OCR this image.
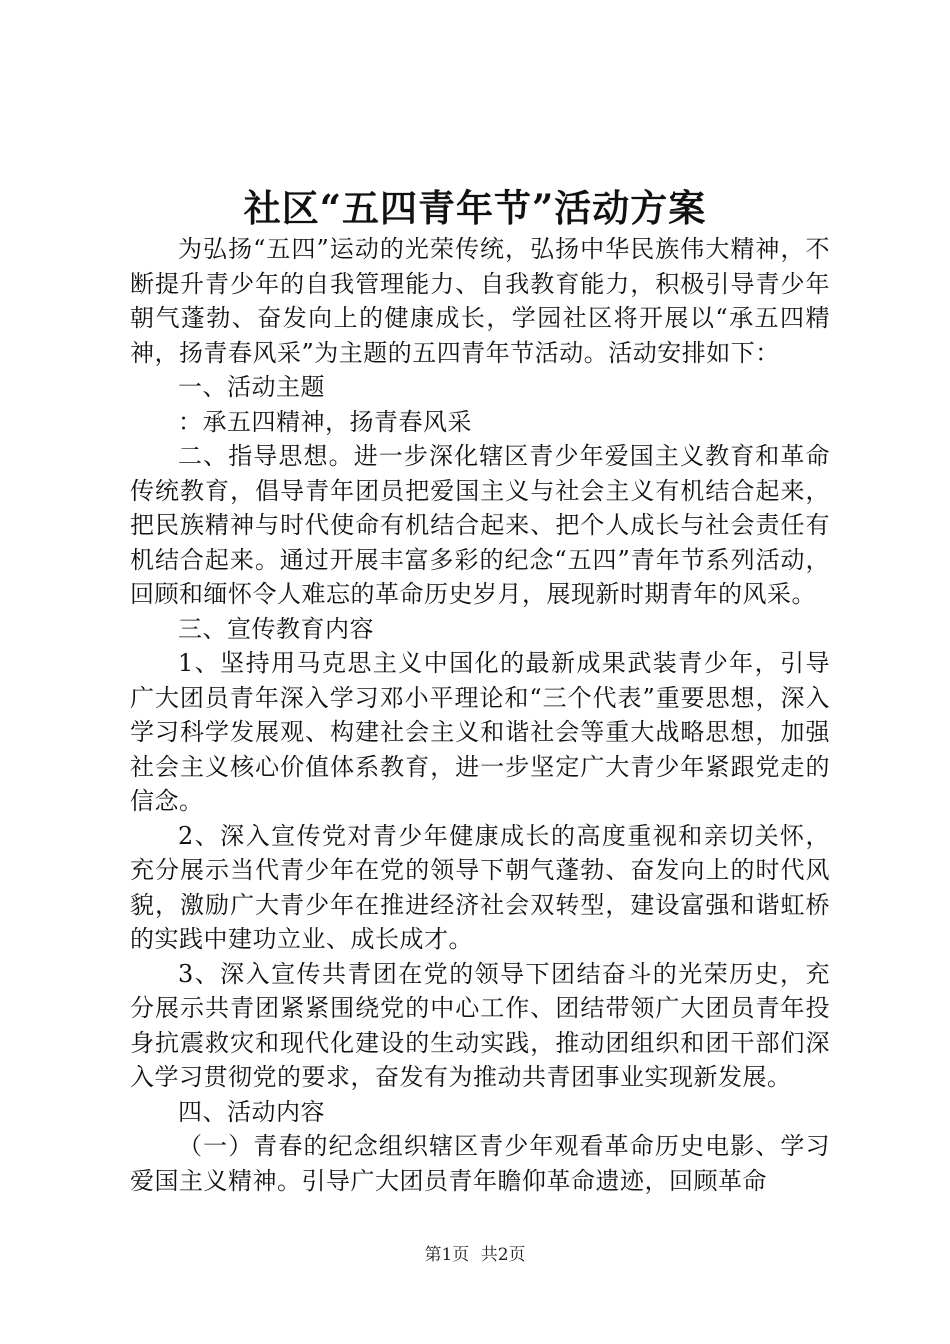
社区“五四青年节”活动方案

为弘扬“五四”运动的光荣传统，弘扬中华民族伟大精神，不断提升青少年的自我管理能力、自我教育能力，积极引导青少年朝气蓬勃、奋发向上的健康成长，学园社区将开展以“承五四精神，扬青春风采”为主题的五四青年节活动。活动安排如下：

一、活动主题

：承五四精神，扬青春风采

二、指导思想。进一步深化辖区青少年爱国主义教育和革命传统教育，倡导青年团员把爱国主义与社会主义有机结合起来，把民族精神与时代使命有机结合起来、把个人成长与社会责任有机结合起来。通过开展丰富多彩的纪念“五四”青年节系列活动，回顾和缅怀令人难忘的革命历史岁月，展现新时期青年的风采。

三、宣传教育内容

1、坚持用马克思主义中国化的最新成果武装青少年，引导广大团员青年深入学习邓小平理论和“三个代表”重要思想，深入学习科学发展观、构建社会主义和谐社会等重大战略思想，加强社会主义核心价值体系教育，进一步坚定广大青少年紧跟党走的信念。

2、深入宣传党对青少年健康成长的高度重视和亲切关怀，充分展示当代青少年在党的领导下朝气蓬勃、奋发向上的时代风貌，激励广大青少年在推进经济社会双转型，建设富强和谐虹桥的实践中建功立业、成长成才。

3、深入宣传共青团在党的领导下团结奋斗的光荣历史，充分展示共青团紧紧围绕党的中心工作、团结带领广大团员青年投身抗震救灾和现代化建设的生动实践，推动团组织和团干部们深入学习贯彻党的要求，奋发有为推动共青团事业实现新发展。

四、活动内容

（一）青春的纪念组织辖区青少年观看革命历史电影、学习爱国主义精神。引导广大团员青年瞻仰革命遗迹，回顾革命

第1页 共2页
